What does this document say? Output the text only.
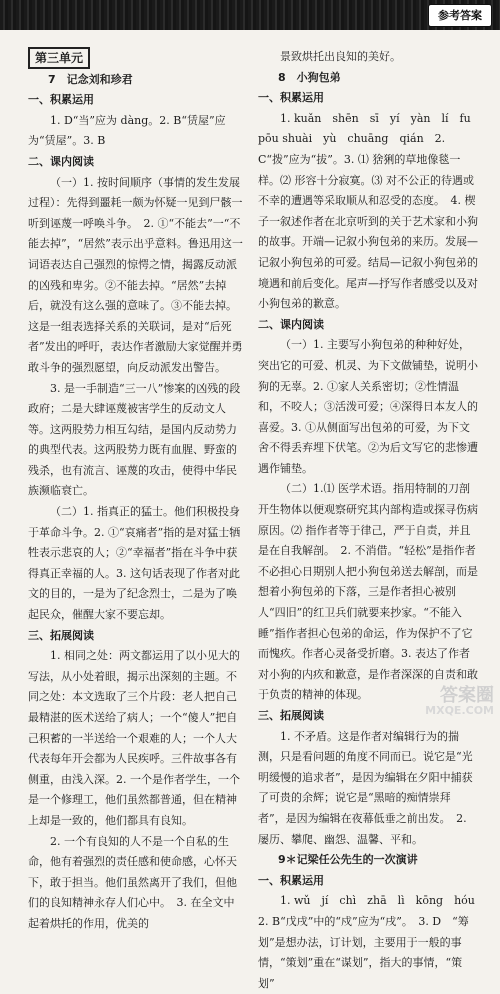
参考答案
第三单元
7　记念刘和珍君
一、积累运用

1. D“当”应为 dàng。2. B“赁屋”应为“赁屋”。3. B

二、课内阅读

（一）1. 按时间顺序（事情的发生发展过程）：先得到噩耗一颇为怀疑一见到尸骸一听到诬蔑一呼唤斗争。　2. ①“不能去”一“不能去掉”，“居然”表示出乎意料。鲁迅用这一词语表达自己强烈的惊愕之情，揭露反动派的凶残和卑劣。②不能去掉。“居然”去掉后，就没有这么强的意味了。③不能去掉。这是一组表选择关系的关联词，是对“后死者”发出的呼吁，表达作者激励大家觉醒并勇敢斗争的强烈愿望，向反动派发出警告。

3. 是一手制造“三一八”惨案的凶残的段政府；二是大肆诬蔑被害学生的反动文人等。这两股势力相互勾结，是国内反动势力的典型代表。这两股势力既有血腥、野蛮的残杀，也有流言、诬蔑的攻击，使得中华民族濒临衰亡。

（二）1. 指真正的猛士。他们积极投身于革命斗争。2. ①“哀痛者”指的是对猛士牺牲表示悲哀的人；②“幸福者”指在斗争中获得真正幸福的人。3. 这句话表现了作者对此文的目的，一是为了纪念烈士，二是为了唤起民众，催醒大家不要忘却。

三、拓展阅读

1. 相同之处：两文都运用了以小见大的写法，从小处着眼，揭示出深刻的主题。不同之处：本文选取了三个片段：老人把自己最精湛的医术送给了病人；一个“傻人”把自己积蓄的一半送给一个艰难的人；一个人大代表每年开会都为人民疾呼。三件故事各有侧重，由浅入深。2. 一个是作者学生，一个是一个修理工，他们虽然都普通，但在精神上却是一致的，他们都具有良知。

2. 一个有良知的人不是一个自私的生命，他有着强烈的责任感和使命感，心怀天下，敢于担当。他们虽然离开了我们，但他们的良知精神永存人们心中。　3. 在全文中起着烘托的作用，优美的

景致烘托出良知的美好。

8　小狗包弟
一、积累运用

1. kuǎn　shēn　sī　yí　yàn　lí　fu　pōu shuài　yù　chuāng　qián　2. C“拨”应为“拔”。3. ⑴ 猞猁的草地像毯一样。⑵ 形容十分寂寞。⑶ 对不公正的待遇或不幸的遭遇等采取顺从和忍受的态度。　4. 楔子一叙述作者在北京听到的关于艺术家和小狗的故事。开端—记叙小狗包弟的来历。发展—记叙小狗包弟的可爱。结局—记叙小狗包弟的境遇和前后变化。尾声—抒写作者感受以及对小狗包弟的歉意。

二、课内阅读

（一）1. 主要写小狗包弟的种种好处，突出它的可爱、机灵、为下文做铺垫，说明小狗的无辜。2. ①家人关系密切；②性情温和，不咬人；③活泼可爱；④深得日本友人的喜爱。3. ①从侧面写出包弟的可爱，为下文舍不得丢弃埋下伏笔。②为后文写它的悲惨遭遇作铺垫。

（二）1.⑴ 医学术语。指用特制的刀剖开生物体以便观察研究其内部构造或探寻伤病原因。⑵ 指作者等于律己，严于自责，并且是在自我解剖。　2. 不消借。“轻松”是指作者不必担心日期别人把小狗包弟送去解剖，而是想着小狗包弟的下落，三是作者担心被别人“四旧”的红卫兵们就要来抄家。“不能入睡”指作者担心包弟的命运，作为保护不了它而愧疚。作者心灵备受折磨。3. 表达了作者对小狗的内疚和歉意，是作者深深的自责和敢于负责的精神的体现。

三、拓展阅读

1. 不矛盾。这是作者对编辑行为的揣测，只是看问题的角度不同而已。说它是“光明缓慢的追求者”，是因为编辑在夕阳中捕获了可贵的余辉；说它是“黑暗的痴情崇拜者”，是因为编辑在夜幕低垂之前出发。　2. 屡历、攀爬、幽怨、温馨、平和。

9＊记梁任公先生的一次演讲
一、积累运用

1. wǔ　jí　chì　zhā　lì　kōng　hóu　2. B“戊戌”中的“戍”应为“戌”。　3. D　“筹划”是想办法，订计划，主要用于一般的事情，“策划”重在“谋划”，指大的事情，“策划”

答案圈
MXQE.COM
